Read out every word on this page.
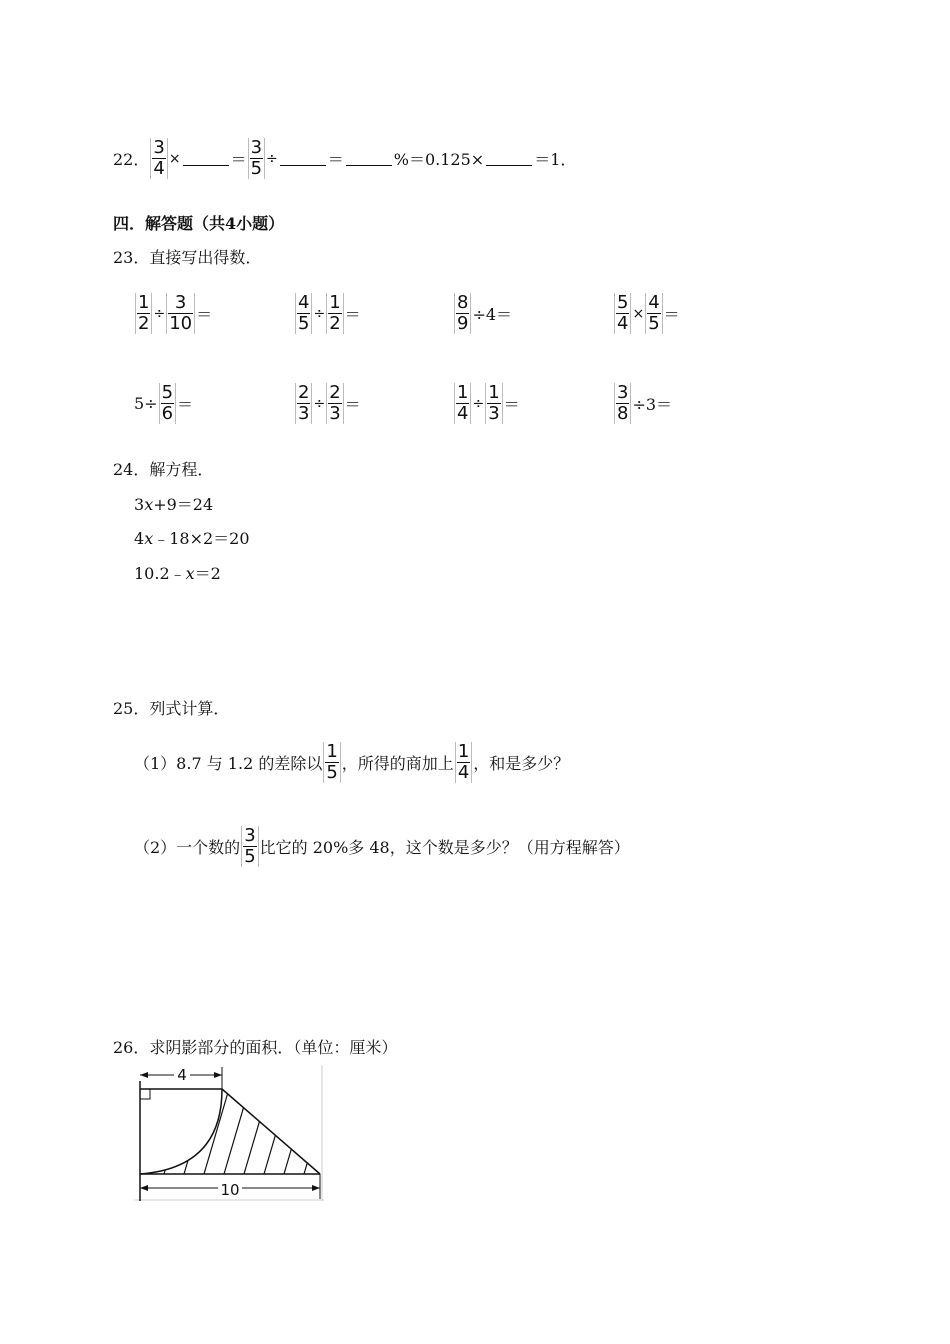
22． $\frac{3}{4}$ ×	＝ $\frac{3}{5}$ ÷	＝	%＝0.125×	＝1．
四．解答题（共4小题）
23．直接写出得数．
$\frac{1}{2} \div \frac{3}{10}$ ＝	$\frac{4}{5} \div \frac{1}{2}$ ＝	$\frac{8}{9} \div 4=$	$\frac{5}{4} \times \frac{4}{5}$ ＝
$5\div \frac{5}{6}$ ＝	$\frac{2}{3} \div \frac{2}{3}$ ＝	$\frac{1}{4} \div \frac{1}{3}$ ＝	$\frac{3}{8} \div 3=$
24．解方程．
3x+9＝24
4x﹣18×2＝20
10.2﹣x＝2
25．列式计算．
（1）8.7 与 1.2 的差除以 $\frac{1}{5}$ ，所得的商加上 $\frac{1}{4}$ ，和是多少？
（2）一个数的 $\frac{3}{5}$ 比它的 20%多 48，这个数是多少？（用方程解答）
26．求阴影部分的面积．（单位：厘米）
4
10
